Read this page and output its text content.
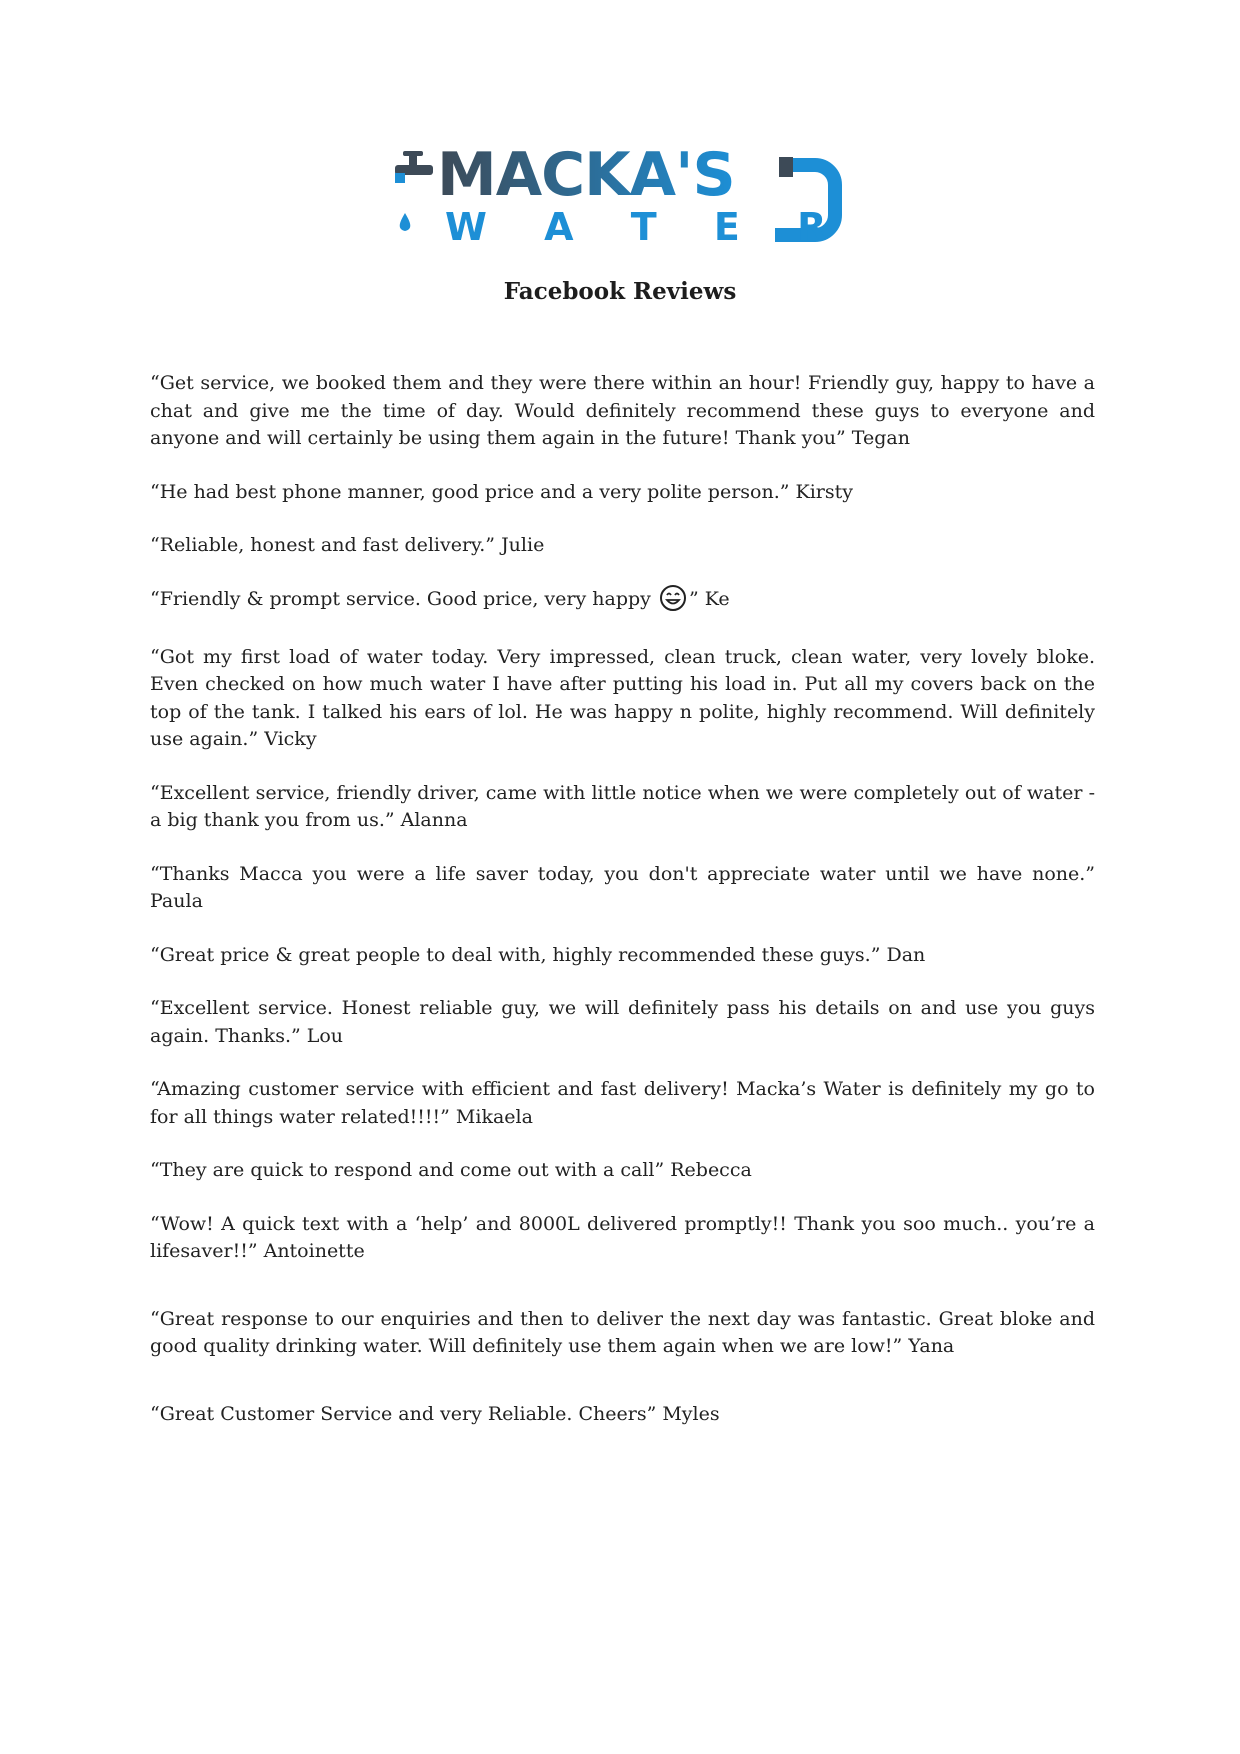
MACKA'S
W A T E R
Facebook Reviews
“Get service, we booked them and they were there within an hour! Friendly guy, happy to have a chat and give me the time of day. Would definitely recommend these guys to everyone and anyone and will certainly be using them again in the future! Thank you” Tegan
“He had best phone manner, good price and a very polite person.” Kirsty
“Reliable, honest and fast delivery.” Julie
“Friendly & prompt service. Good price, very happy ” Ke
“Got my first load of water today. Very impressed, clean truck, clean water, very lovely bloke. Even checked on how much water I have after putting his load in. Put all my covers back on the top of the tank. I talked his ears of lol. He was happy n polite, highly recommend. Will definitely use again.” Vicky
“Excellent service, friendly driver, came with little notice when we were completely out of water - a big thank you from us.” Alanna
“Thanks Macca you were a life saver today, you don't appreciate water until we have none.” Paula
“Great price & great people to deal with, highly recommended these guys.” Dan
“Excellent service. Honest reliable guy, we will definitely pass his details on and use you guys again. Thanks.” Lou
“Amazing customer service with efficient and fast delivery! Macka’s Water is definitely my go to for all things water related!!!!” Mikaela
“They are quick to respond and come out with a call” Rebecca
“Wow! A quick text with a ‘help’ and 8000L delivered promptly!! Thank you soo much.. you’re a lifesaver!!” Antoinette
“Great response to our enquiries and then to deliver the next day was fantastic. Great bloke and good quality drinking water. Will definitely use them again when we are low!” Yana
“Great Customer Service and very Reliable. Cheers” Myles
